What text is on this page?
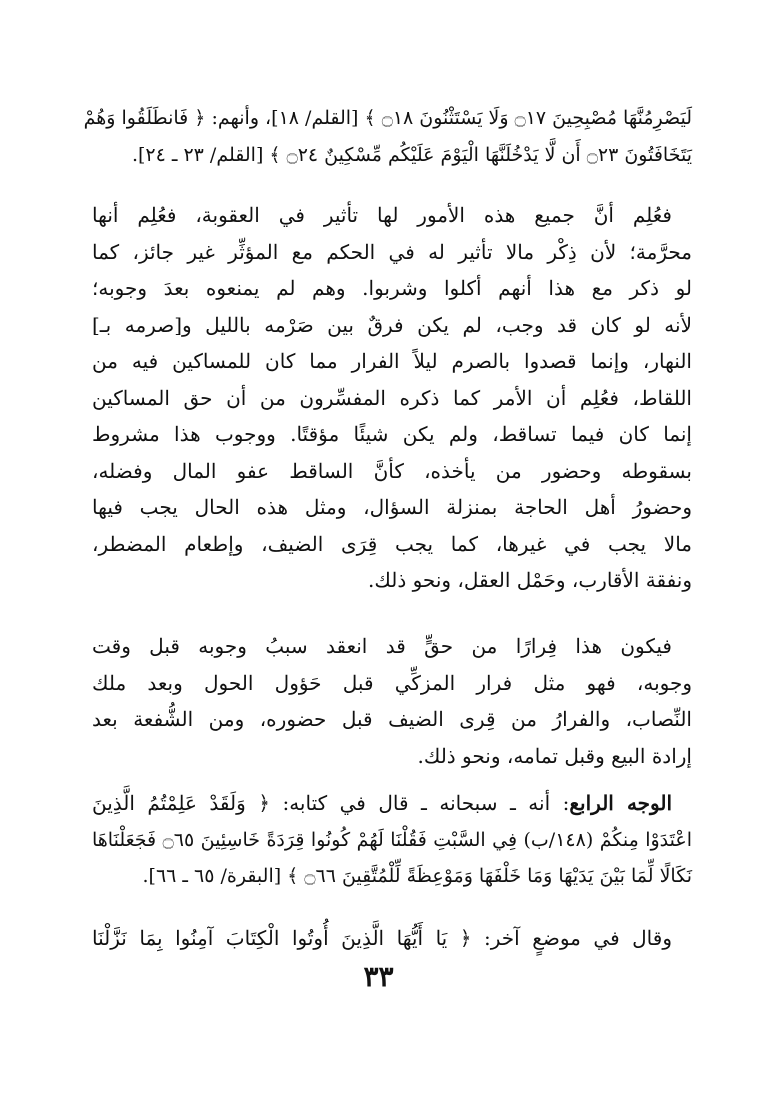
لَيَصْرِمُنَّهَا مُصْبِحِينَ ۝١٧ وَلَا يَسْتَثْنُونَ ۝١٨ ﴾ [القلم/ ١٨]، وأنهم: ﴿ فَانطَلَقُوا وَهُمْ
يَتَخَافَتُونَ ۝٢٣ أَن لَّا يَدْخُلَنَّهَا الْيَوْمَ عَلَيْكُم مِّسْكِينٌ ۝٢٤ ﴾ [القلم/ ٢٣ ـ ٢٤].
فعُلِم أنَّ جميع هذه الأمور لها تأثير في العقوبة، فعُلِم أنها
محرَّمة؛ لأن ذِكْر مالا تأثير له في الحكم مع المؤثِّر غير جائز، كما
لو ذكر مع هذا أنهم أكلوا وشربوا. وهم لم يمنعوه بعدَ وجوبه؛
لأنه لو كان قد وجب، لم يكن فرقٌ بين صَرْمه بالليل و[صرمه بـ]
النهار، وإنما قصدوا بالصرم ليلاً الفرار مما كان للمساكين فيه من
اللقاط، فعُلِم أن الأمر كما ذكره المفسِّرون من أن حق المساكين
إنما كان فيما تساقط، ولم يكن شيئًا مؤقتًا. ووجوب هذا مشروط
بسقوطه وحضور من يأخذه، كأنَّ الساقط عفو المال وفضله،
وحضورُ أهل الحاجة بمنزلة السؤال، ومثل هذه الحال يجب فيها
مالا يجب في غيرها، كما يجب قِرَى الضيف، وإطعام المضطر،
ونفقة الأقارب، وحَمْل العقل، ونحو ذلك.
فيكون هذا فِرارًا من حقٍّ قد انعقد سببُ وجوبه قبل وقت
وجوبه، فهو مثل فرار المزكِّي قبل حَؤول الحول وبعد ملك
النِّصاب، والفرارُ من قِرى الضيف قبل حضوره، ومن الشُّفعة بعد
إرادة البيع وقبل تمامه، ونحو ذلك.
الوجه الرابع: أنه ـ سبحانه ـ قال في كتابه: ﴿ وَلَقَدْ عَلِمْتُمُ الَّذِينَ
اعْتَدَوْا مِنكُمْ (١٤٨/ب) فِي السَّبْتِ فَقُلْنَا لَهُمْ كُونُوا قِرَدَةً خَاسِئِينَ ۝٦٥ فَجَعَلْنَاهَا
نَكَالًا لِّمَا بَيْنَ يَدَيْهَا وَمَا خَلْفَهَا وَمَوْعِظَةً لِّلْمُتَّقِينَ ۝٦٦ ﴾ [البقرة/ ٦٥ ـ ٦٦].
وقال في موضعٍ آخر: ﴿ يَا أَيُّهَا الَّذِينَ أُوتُوا الْكِتَابَ آمِنُوا بِمَا نَزَّلْنَا
٣٣
